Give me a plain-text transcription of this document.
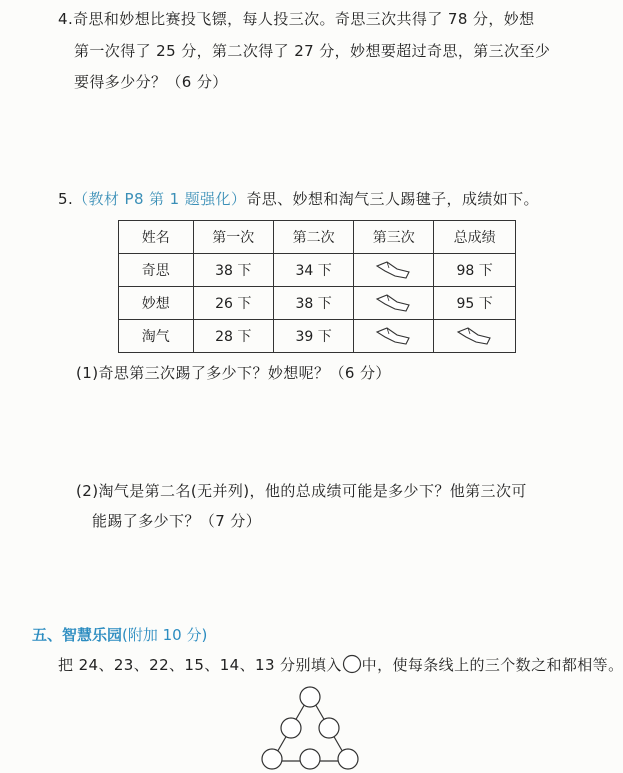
4.奇思和妙想比赛投飞镖，每人投三次。奇思三次共得了 78 分，妙想
第一次得了 25 分，第二次得了 27 分，妙想要超过奇思，第三次至少
要得多少分？（6 分）
5.（教材 P8 第 1 题强化）奇思、妙想和淘气三人踢毽子，成绩如下。
姓名	第一次	第二次	第三次	总成绩
奇思	38 下	34 下		98 下
妙想	26 下	38 下		95 下
淘气	28 下	39 下		
(1)奇思第三次踢了多少下？妙想呢？（6 分）
(2)淘气是第二名(无并列)，他的总成绩可能是多少下？他第三次可
能踢了多少下？（7 分）
五、智慧乐园(附加 10 分)
把 24、23、22、15、14、13 分别填入 中，使每条线上的三个数之和都相等。
